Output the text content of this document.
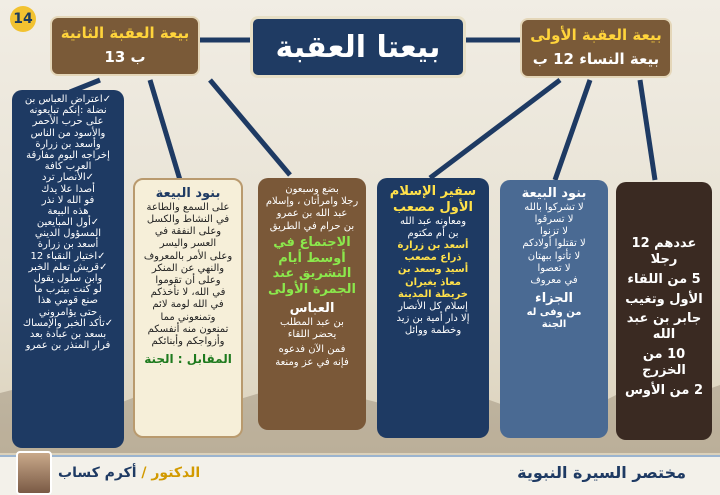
14
بيعتا العقبة
بيعة العقبة الثانية
13 ب
بيعة العقبة الأولى
بيعة النساء 12 ب
✓اعتراض العباس بن
نضلة :إنكم تبايعونه
على حرب الأحمر
والأسود من الناس
وأسعد بن زرارة
إخراجه اليوم مفارقة
العرب كافة
✓الأنصار ترد
أصدا علا يدك
فو الله لا نذر
هذه البيعة
✓أول المبايعين
المسؤول الديني
أسعد بن زرارة
✓اختيار النقباء 12
✓قريش تعلم الخبر
وابن سلول يقول
لو كنت بيثرب ما
صنع قومي هذا
حتى يؤامروني
✓تأكد الخبر والإمساك
بسعد بن عبادة بعد
فرار المنذر بن عمرو
بنود البيعة
على السمع والطاعة
في النشاط والكسل
وعلى النفقة في
العسر واليسر
وعلى الأمر بالمعروف
والنهي عن المنكر
وعلى أن تقوموا
في الله، لا تأخذكم
في الله لومة لائم
وتمنعوني مما
تمنعون منه أنفسكم
وأزواجكم وأبنائكم
المقابل : الجنة
بضع وسبعون
رجلا وامرأتان ، وإسلام
عبد الله بن عمرو
بن حرام في الطريق
الاجتماع في أوسط أيام التشريق عند الجمرة الأولى
العباس
بن عبد المطلب
يحضر اللقاء
فمن الآن فدعوه
فإنه في عز ومنعة
سفير الإسلام الأول مصعب
ومعاونه عبد الله
بن أم مكتوم
أسعد بن زرارة
ذراع مصعب
أسيد وسعد بن
معاذ يغيران
خريطة المدينة
إسلام كل الأنصار
إلا دار أمية بن زيد
وخطمة ووائل
بنود البيعة
لا تشركوا بالله
لا تسرقوا
لا تزنوا
لا تقتلوا أولادكم
لا تأتوا ببهتان
لا تعصوا
في معروف
الجزاء
من وفى له
الجنة
عددهم 12 رجلا
5 من اللقاء
الأول وتغيب
جابر بن عبد الله
10 من الخزرج
2 من الأوس
الدكتور / أكرم كساب	مختصر السيرة النبوية
